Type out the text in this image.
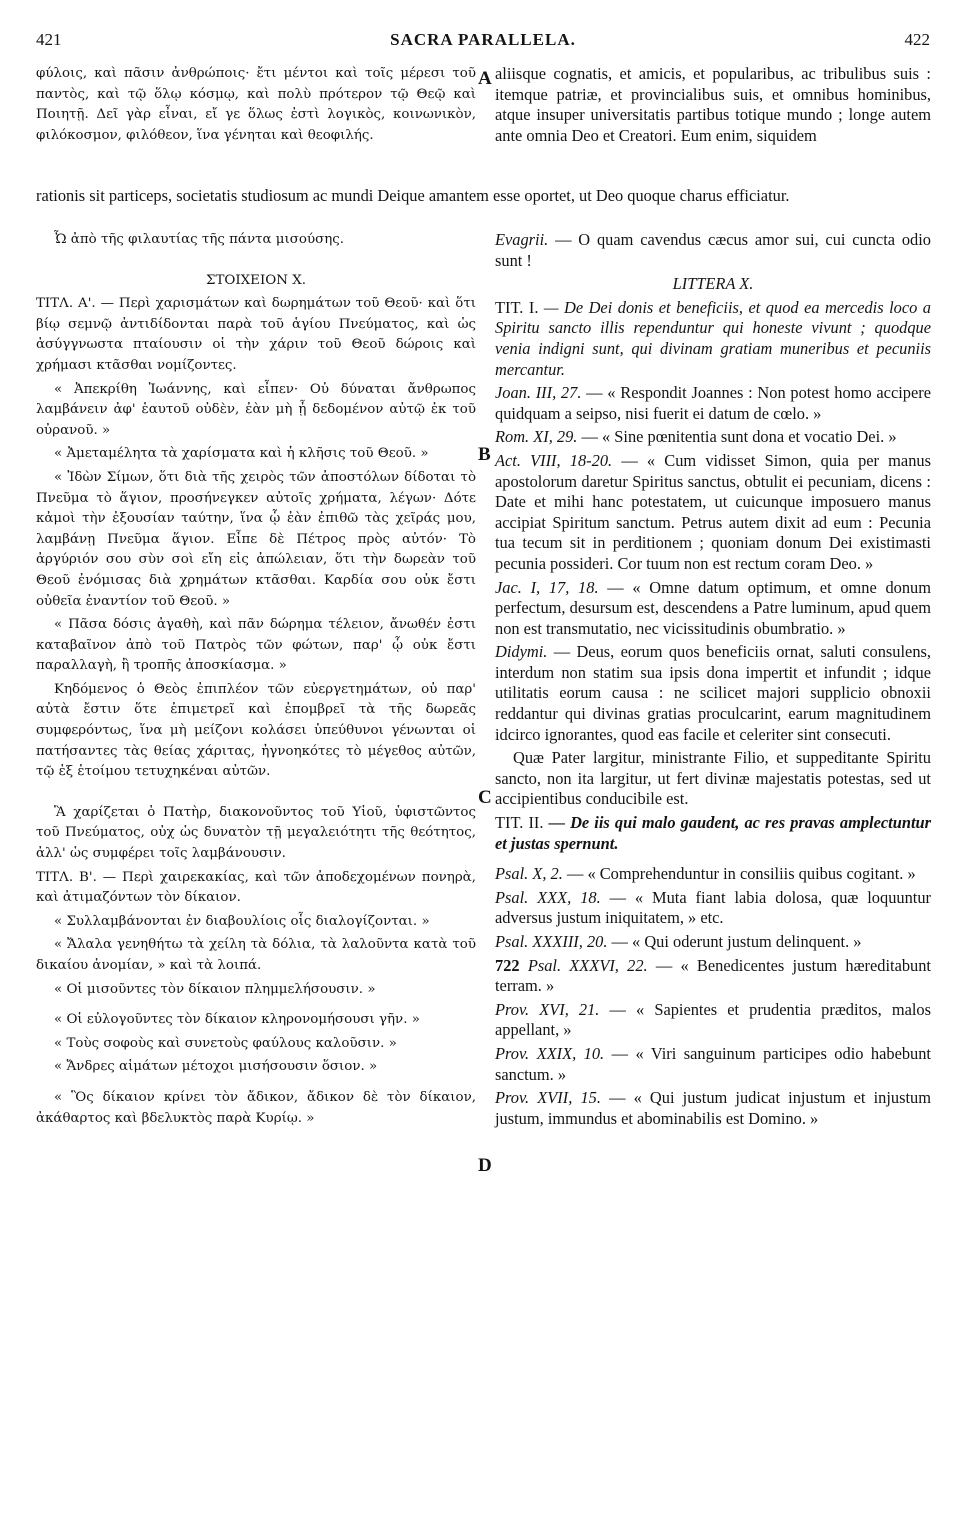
421	SACRA PARALLELA.	422
A
B
C
D
φύλοις, καὶ πᾶσιν ἀνθρώποις· ἔτι μέντοι καὶ τοῖς μέρεσι τοῦ παντὸς, καὶ τῷ ὅλῳ κόσμῳ, καὶ πολὺ πρότερον τῷ Θεῷ καὶ Ποιητῇ. Δεῖ γὰρ εἶναι, εἴ γε ὅλως ἐστὶ λογικὸς, κοινωνικὸν, φιλόκοσμον, φιλόθεον, ἵνα γένηται καὶ θεοφιλής.
aliisque cognatis, et amicis, et popularibus, ac tribulibus suis : itemque patriæ, et provincialibus suis, et omnibus hominibus, atque insuper universitatis partibus totique mundo ; longe autem ante omnia Deo et Creatori. Eum enim, siquidem
rationis sit particeps, societatis studiosum ac mundi Deique amantem esse oportet, ut Deo quoque charus efficiatur.
Ὦ ἀπὸ τῆς φιλαυτίας τῆς πάντα μισούσης.
ΣΤΟΙΧΕΙΟΝ Χ.
ΤΙΤΛ. Α'. — Περὶ χαρισμάτων καὶ δωρημάτων τοῦ Θεοῦ· καὶ ὅτι βίῳ σεμνῷ ἀντιδίδονται παρὰ τοῦ ἁγίου Πνεύματος, καὶ ὡς ἀσύγγνωστα πταίουσιν οἱ τὴν χάριν τοῦ Θεοῦ δώροις καὶ χρήμασι κτᾶσθαι νομίζοντες.
« Ἀπεκρίθη Ἰωάννης, καὶ εἶπεν· Οὐ δύναται ἄνθρωπος λαμβάνειν ἀφ' ἑαυτοῦ οὐδὲν, ἐὰν μὴ ᾖ δεδομένον αὐτῷ ἐκ τοῦ οὐρανοῦ. »
« Ἀμεταμέλητα τὰ χαρίσματα καὶ ἡ κλῆσις τοῦ Θεοῦ. »
« Ἰδὼν Σίμων, ὅτι διὰ τῆς χειρὸς τῶν ἀποστόλων δίδοται τὸ Πνεῦμα τὸ ἅγιον, προσήνεγκεν αὐτοῖς χρήματα, λέγων· Δότε κἀμοὶ τὴν ἐξουσίαν ταύτην, ἵνα ᾧ ἐὰν ἐπιθῶ τὰς χεῖράς μου, λαμβάνῃ Πνεῦμα ἅγιον. Εἶπε δὲ Πέτρος πρὸς αὐτόν· Τὸ ἀργύριόν σου σὺν σοὶ εἴη εἰς ἀπώλειαν, ὅτι τὴν δωρεὰν τοῦ Θεοῦ ἐνόμισας διὰ χρημάτων κτᾶσθαι. Καρδία σου οὐκ ἔστι οὐθεῖα ἐναντίον τοῦ Θεοῦ. »
« Πᾶσα δόσις ἀγαθὴ, καὶ πᾶν δώρημα τέλειον, ἄνωθέν ἐστι καταβαῖνον ἀπὸ τοῦ Πατρὸς τῶν φώτων, παρ' ᾧ οὐκ ἔστι παραλλαγὴ, ἢ τροπῆς ἀποσκίασμα. »
Κηδόμενος ὁ Θεὸς ἐπιπλέον τῶν εὐεργετημάτων, οὐ παρ' αὐτὰ ἔστιν ὅτε ἐπιμετρεῖ καὶ ἐπομβρεῖ τὰ τῆς δωρεᾶς συμφερόντως, ἵνα μὴ μείζονι κολάσει ὑπεύθυνοι γένωνται οἱ πατήσαντες τὰς θείας χάριτας, ἠγνοηκότες τὸ μέγεθος αὐτῶν, τῷ ἐξ ἑτοίμου τετυχηκέναι αὐτῶν.
Ἃ χαρίζεται ὁ Πατὴρ, διακονοῦντος τοῦ Υἱοῦ, ὑφιστῶντος τοῦ Πνεύματος, οὐχ ὡς δυνατὸν τῇ μεγαλειότητι τῆς θεότητος, ἀλλ' ὡς συμφέρει τοῖς λαμβάνουσιν.
ΤΙΤΛ. Β'. — Περὶ χαιρεκακίας, καὶ τῶν ἀποδεχομένων πονηρὰ, καὶ ἀτιμαζόντων τὸν δίκαιον.
« Συλλαμβάνονται ἐν διαβουλίοις οἷς διαλογίζονται. »
« Ἄλαλα γενηθήτω τὰ χείλη τὰ δόλια, τὰ λαλοῦντα κατὰ τοῦ δικαίου ἀνομίαν, » καὶ τὰ λοιπά.
« Οἱ μισοῦντες τὸν δίκαιον πλημμελήσουσιν. »
« Οἱ εὐλογοῦντες τὸν δίκαιον κληρονομήσουσι γῆν. »
« Τοὺς σοφοὺς καὶ συνετοὺς φαύλους καλοῦσιν. »
« Ἄνδρες αἱμάτων μέτοχοι μισήσουσιν ὅσιον. »
« Ὃς δίκαιον κρίνει τὸν ἄδικον, ἄδικον δὲ τὸν δίκαιον, ἀκάθαρτος καὶ βδελυκτὸς παρὰ Κυρίῳ. »
Evagrii. — O quam cavendus cæcus amor sui, cui cuncta odio sunt !
LITTERA X.
TIT. I. — De Dei donis et beneficiis, et quod ea mercedis loco a Spiritu sancto illis rependuntur qui honeste vivunt ; quodque venia indigni sunt, qui divinam gratiam muneribus et pecuniis mercantur.
Joan. III, 27. — « Respondit Joannes : Non potest homo accipere quidquam a seipso, nisi fuerit ei datum de cœlo. »
Rom. XI, 29. — « Sine pœnitentia sunt dona et vocatio Dei. »
Act. VIII, 18-20. — « Cum vidisset Simon, quia per manus apostolorum daretur Spiritus sanctus, obtulit ei pecuniam, dicens : Date et mihi hanc potestatem, ut cuicunque imposuero manus accipiat Spiritum sanctum. Petrus autem dixit ad eum : Pecunia tua tecum sit in perditionem ; quoniam donum Dei existimasti pecunia possideri. Cor tuum non est rectum coram Deo. »
Jac. I, 17, 18. — « Omne datum optimum, et omne donum perfectum, desursum est, descendens a Patre luminum, apud quem non est transmutatio, nec vicissitudinis obumbratio. »
Didymi. — Deus, eorum quos beneficiis ornat, saluti consulens, interdum non statim sua ipsis dona impertit et infundit ; idque utilitatis eorum causa : ne scilicet majori supplicio obnoxii reddantur qui divinas gratias proculcarint, earum magnitudinem idcirco ignorantes, quod eas facile et celeriter sint consecuti.
Quæ Pater largitur, ministrante Filio, et suppeditante Spiritu sancto, non ita largitur, ut fert divinæ majestatis potestas, sed ut accipientibus conducibile est.
TIT. II. — De iis qui malo gaudent, ac res pravas amplectuntur et justas spernunt.
Psal. X, 2. — « Comprehenduntur in consiliis quibus cogitant. »
Psal. XXX, 18. — « Muta fiant labia dolosa, quæ loquuntur adversus justum iniquitatem, » etc.
Psal. XXXIII, 20. — « Qui oderunt justum delinquent. »
722 Psal. XXXVI, 22. — « Benedicentes justum hæreditabunt terram. »
Prov. XVI, 21. — « Sapientes et prudentia præditos, malos appellant, »
Prov. XXIX, 10. — « Viri sanguinum participes odio habebunt sanctum. »
Prov. XVII, 15. — « Qui justum judicat injustum et injustum justum, immundus et abominabilis est Domino. »
